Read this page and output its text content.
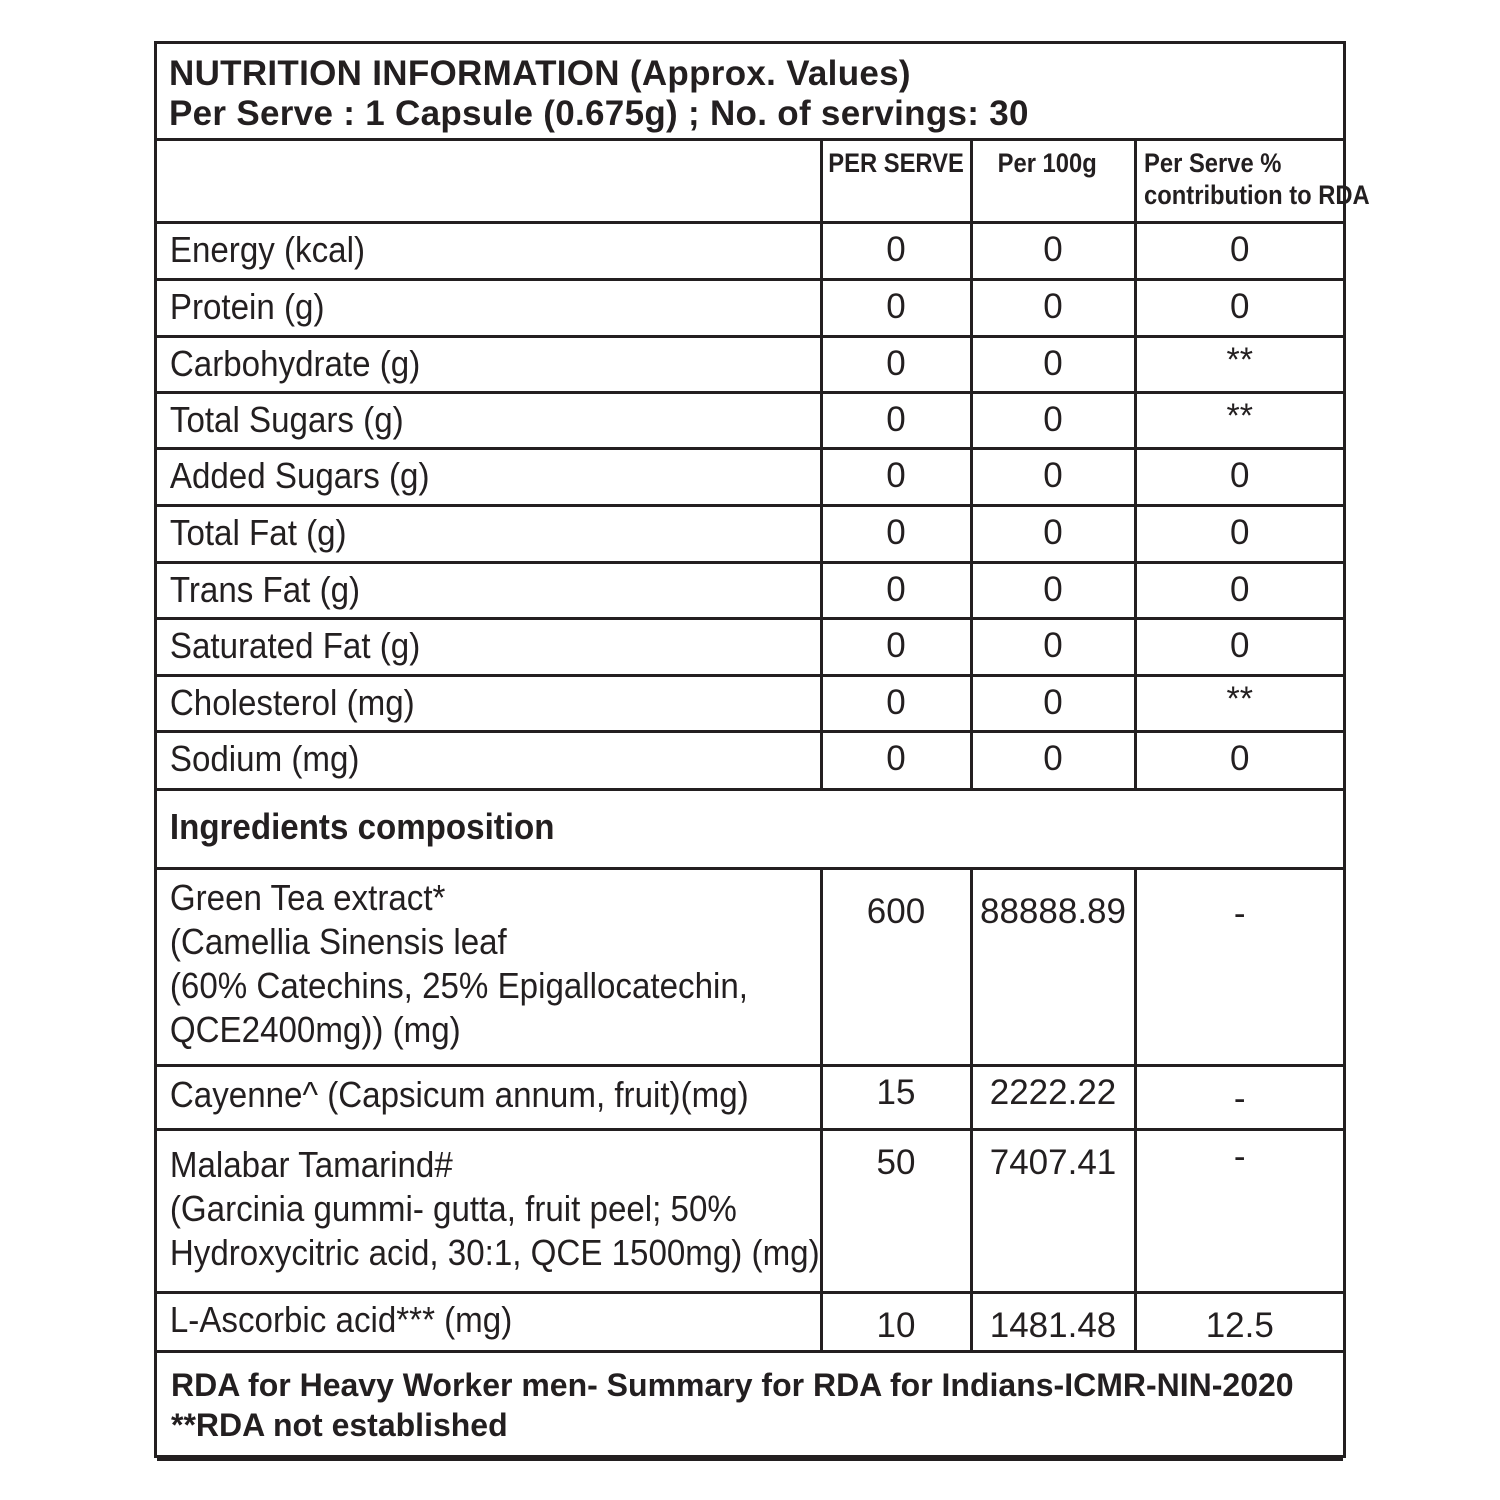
NUTRITION INFORMATION (Approx. Values)
Per Serve : 1 Capsule (0.675g) ; No. of servings: 30

	PER SERVE	Per 100g	Per Serve %
contribution to RDA

Energy (kcal)	0	0	0

Protein (g)	0	0	0

Carbohydrate (g)	0	0	**

Total Sugars (g)	0	0	**

Added Sugars (g)	0	0	0

Total Fat (g)	0	0	0

Trans Fat (g)	0	0	0

Saturated Fat (g)	0	0	0

Cholesterol (mg)	0	0	**

Sodium (mg)	0	0	0

Ingredients composition			

Green Tea extract*
(Camellia Sinensis leaf
(60% Catechins, 25% Epigallocatechin,
QCE2400mg)) (mg)	600	88888.89	-

Cayenne^ (Capsicum annum, fruit)(mg)	15	2222.22	-

Malabar Tamarind#
(Garcinia gummi- gutta, fruit peel; 50%
Hydroxycitric acid, 30:1, QCE 1500mg) (mg)	50	7407.41	-

L-Ascorbic acid*** (mg)	10	1481.48	12.5

RDA for Heavy Worker men- Summary for RDA for Indians-ICMR-NIN-2020
**RDA not established			
